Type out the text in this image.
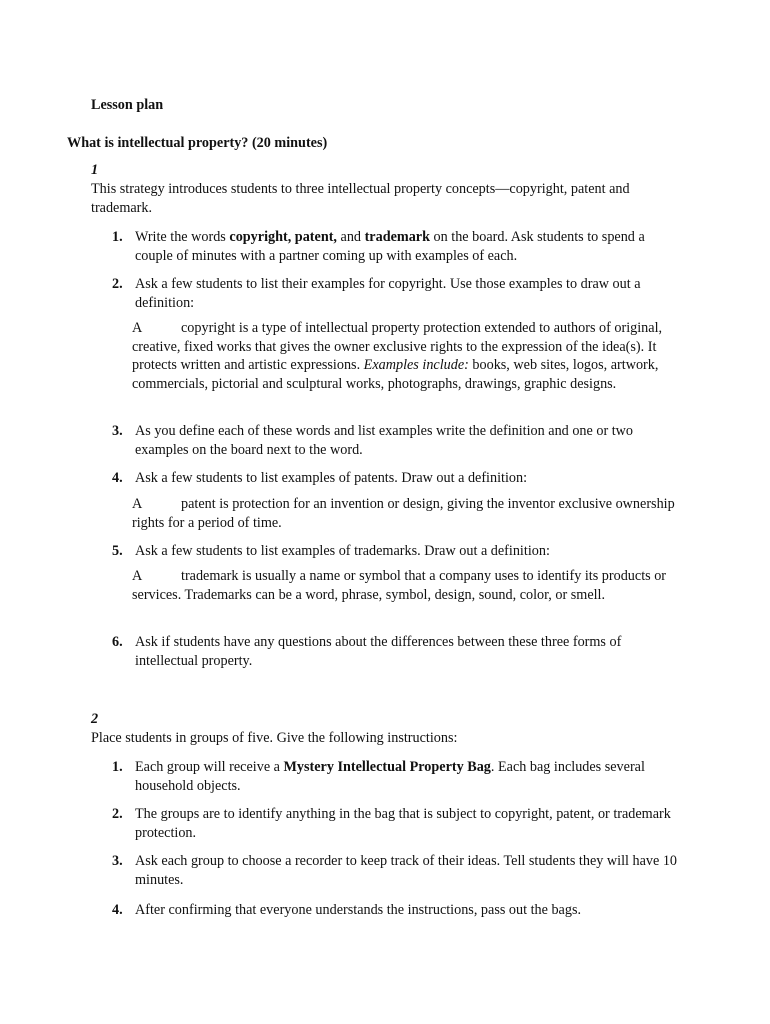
Lesson plan

What is intellectual property? (20 minutes)

1

This strategy introduces students to three intellectual property concepts—copyright, patent and trademark.

1. Write the words copyright, patent, and trademark on the board. Ask students to spend a couple of minutes with a partner coming up with examples of each.
2. Ask a few students to list their examples for copyright. Use those examples to draw out a definition:
A	copyright is a type of intellectual property protection extended to authors of original, creative, fixed works that gives the owner exclusive rights to the expression of the idea(s). It protects written and artistic expressions. Examples include: books, web sites, logos, artwork, commercials, pictorial and sculptural works, photographs, drawings, graphic designs.
3. As you define each of these words and list examples write the definition and one or two examples on the board next to the word.
4. Ask a few students to list examples of patents. Draw out a definition:
A	patent is protection for an invention or design, giving the inventor exclusive ownership rights for a period of time.
5. Ask a few students to list examples of trademarks. Draw out a definition:
A	trademark is usually a name or symbol that a company uses to identify its products or services. Trademarks can be a word, phrase, symbol, design, sound, color, or smell.
6. Ask if students have any questions about the differences between these three forms of intellectual property.

2

Place students in groups of five. Give the following instructions:

1. Each group will receive a Mystery Intellectual Property Bag. Each bag includes several household objects.
2. The groups are to identify anything in the bag that is subject to copyright, patent, or trademark protection.
3. Ask each group to choose a recorder to keep track of their ideas. Tell students they will have 10 minutes.
4. After confirming that everyone understands the instructions, pass out the bags.
